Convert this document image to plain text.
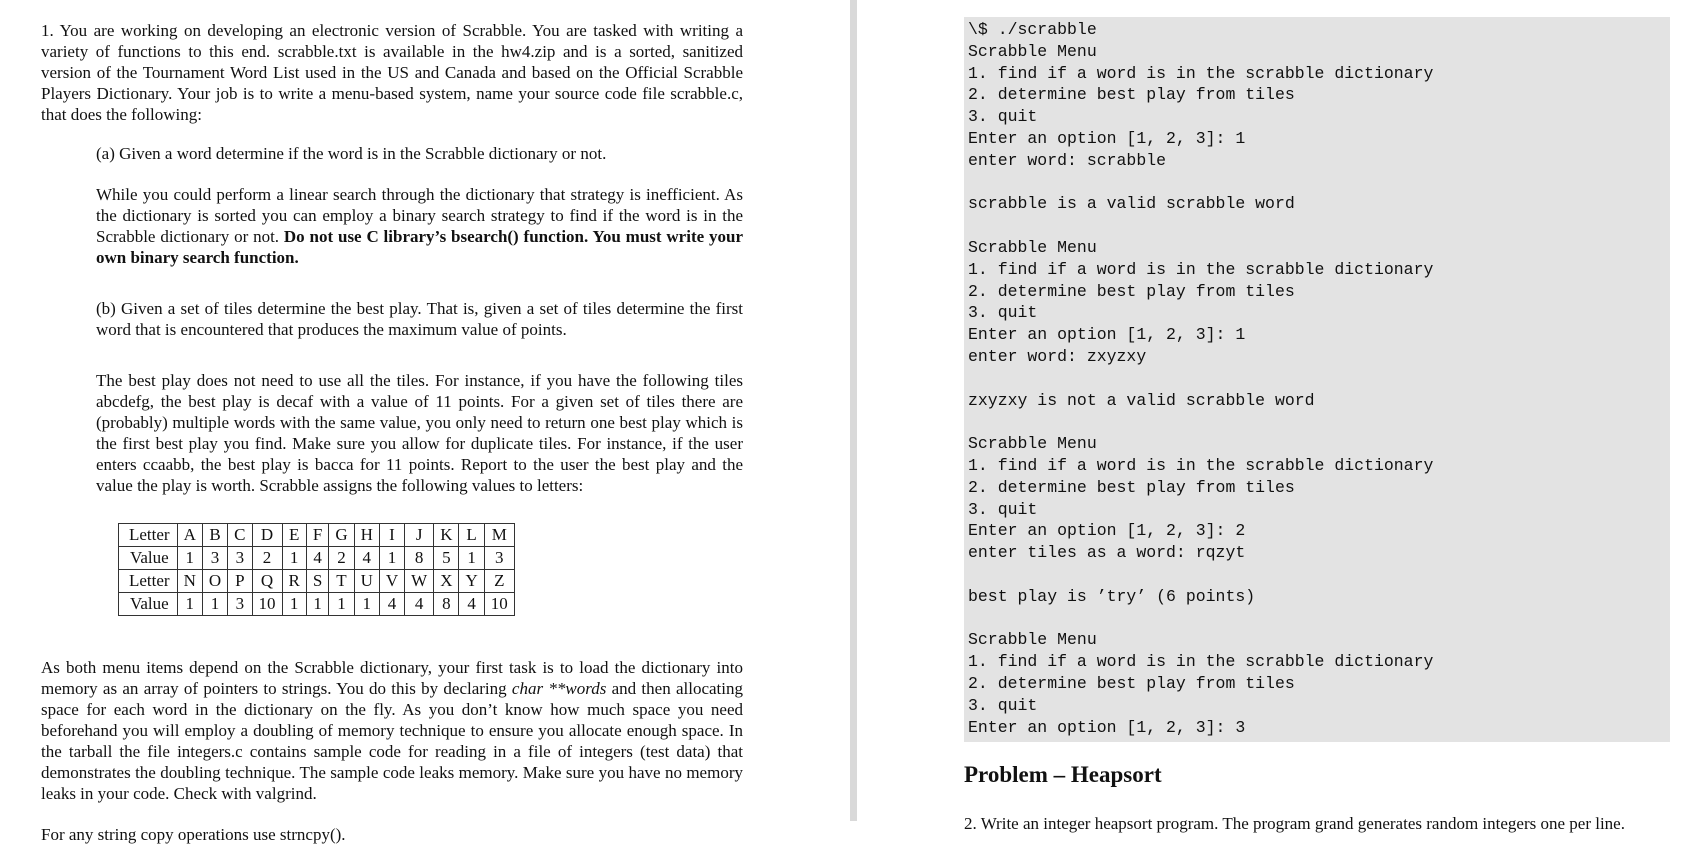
1. You are working on developing an electronic version of Scrabble. You are tasked with writing a variety of functions to this end. scrabble.txt is available in the hw4.zip and is a sorted, sanitized version of the Tournament Word List used in the US and Canada and based on the Official Scrabble Players Dictionary. Your job is to write a menu-based system, name your source code file scrabble.c, that does the following:

(a) Given a word determine if the word is in the Scrabble dictionary or not.

While you could perform a linear search through the dictionary that strategy is inefficient. As the dictionary is sorted you can employ a binary search strategy to find if the word is in the Scrabble dictionary or not. Do not use C library’s bsearch() function. You must write your own binary search function.

(b) Given a set of tiles determine the best play. That is, given a set of tiles determine the first word that is encountered that produces the maximum value of points.

The best play does not need to use all the tiles. For instance, if you have the following tiles abcdefg, the best play is decaf with a value of 11 points. For a given set of tiles there are (probably) multiple words with the same value, you only need to return one best play which is the first best play you find. Make sure you allow for duplicate tiles. For instance, if the user enters ccaabb, the best play is bacca for 11 points. Report to the user the best play and the value the play is worth. Scrabble assigns the following values to letters:

Letter	A	B	C	D	E	F	G	H	I	J	K	L	M
Value	1	3	3	2	1	4	2	4	1	8	5	1	3
Letter	N	O	P	Q	R	S	T	U	V	W	X	Y	Z
Value	1	1	3	10	1	1	1	1	4	4	8	4	10

As both menu items depend on the Scrabble dictionary, your first task is to load the dictionary into memory as an array of pointers to strings. You do this by declaring char **words and then allocating space for each word in the dictionary on the fly. As you don’t know how much space you need beforehand you will employ a doubling of memory technique to ensure you allocate enough space. In the tarball the file integers.c contains sample code for reading in a file of integers (test data) that demonstrates the doubling technique. The sample code leaks memory. Make sure you have no memory leaks in your code. Check with valgrind.

For any string copy operations use strncpy().

\$ ./scrabble
Scrabble Menu
1. find if a word is in the scrabble dictionary
2. determine best play from tiles
3. quit
Enter an option [1, 2, 3]: 1
enter word: scrabble
scrabble is a valid scrabble word
Scrabble Menu
1. find if a word is in the scrabble dictionary
2. determine best play from tiles
3. quit
Enter an option [1, 2, 3]: 1
enter word: zxyzxy
zxyzxy is not a valid scrabble word
Scrabble Menu
1. find if a word is in the scrabble dictionary
2. determine best play from tiles
3. quit
Enter an option [1, 2, 3]: 2
enter tiles as a word: rqzyt
best play is ’try’ (6 points)
Scrabble Menu
1. find if a word is in the scrabble dictionary
2. determine best play from tiles
3. quit
Enter an option [1, 2, 3]: 3
Problem – Heapsort
2. Write an integer heapsort program. The program grand generates random integers one per line.
